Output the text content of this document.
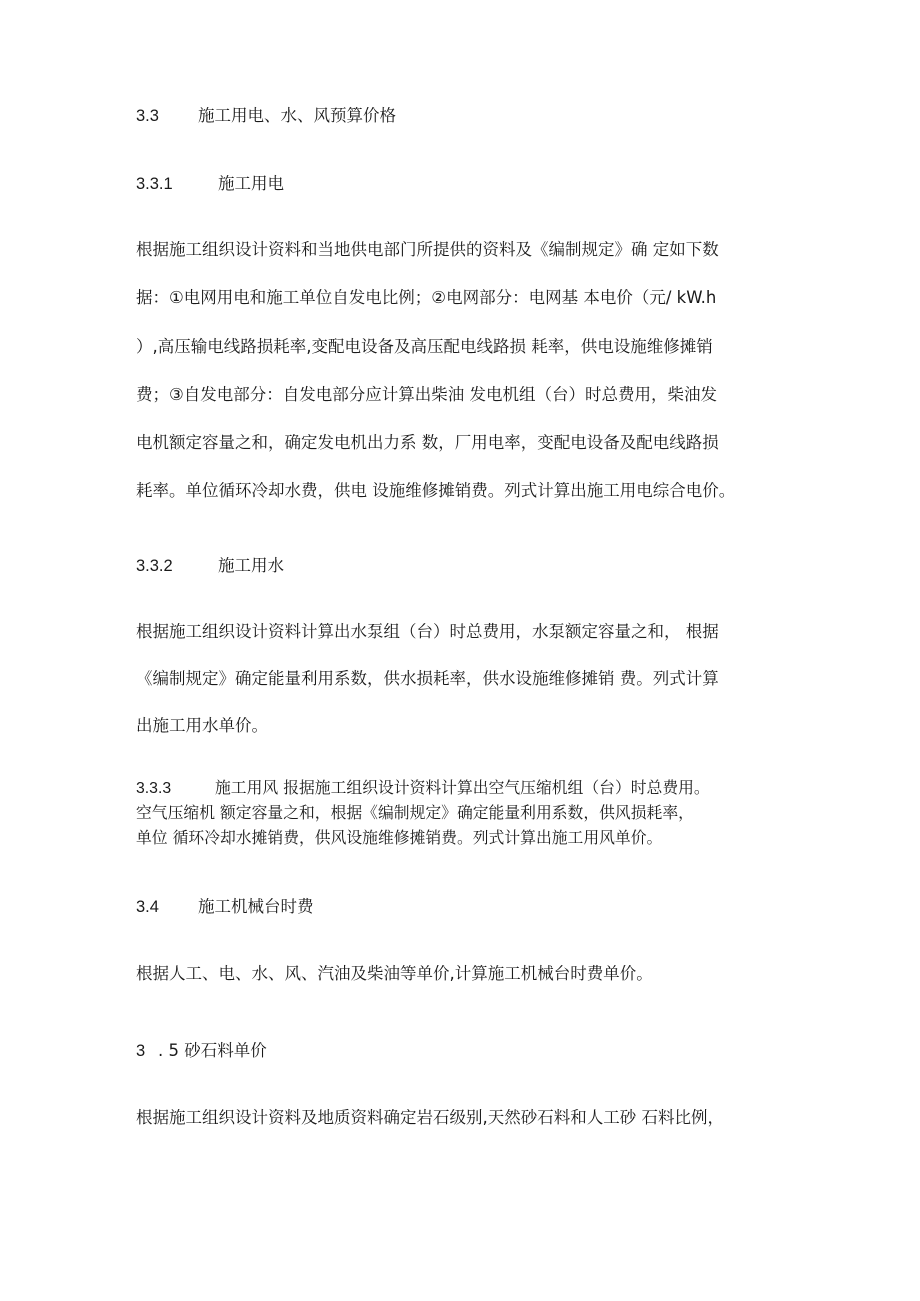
3.3 施工用电、水、风预算价格
3.3.1	施工用电
根据施工组织设计资料和当地供电部门所提供的资料及《编制规定》确 定如下数
据：①电网用电和施工单位自发电比例；②电网部分：电网基 本电价（元/ kW.h
）,高压输电线路损耗率,变配电设备及高压配电线路损 耗率，供电设施维修摊销
费；③自发电部分：自发电部分应计算出柴油 发电机组（台）时总费用，柴油发
电机额定容量之和，确定发电机出力系 数，厂用电率，变配电设备及配电线路损
耗率。单位循环冷却水费，供电 设施维修摊销费。列式计算出施工用电综合电价。
3.3.2	施工用水
根据施工组织设计资料计算出水泵组（台）时总费用，水泵额定容量之和， 根据
《编制规定》确定能量利用系数，供水损耗率，供水设施维修摊销 费。列式计算
出施工用水单价。
3.3.3	施工用风 报据施工组织设计资料计算出空气压缩机组（台）时总费用。
空气压缩机 额定容量之和，根据《编制规定》确定能量利用系数，供风损耗率，
单位 循环冷却水摊销费，供风设施维修摊销费。列式计算出施工用风单价。
3.4 施工机械台时费
根据人工、电、水、风、汽油及柴油等单价,计算施工机械台时费单价。
3 . 5 砂石料单价
根据施工组织设计资料及地质资料确定岩石级别,天然砂石料和人工砂 石料比例，
